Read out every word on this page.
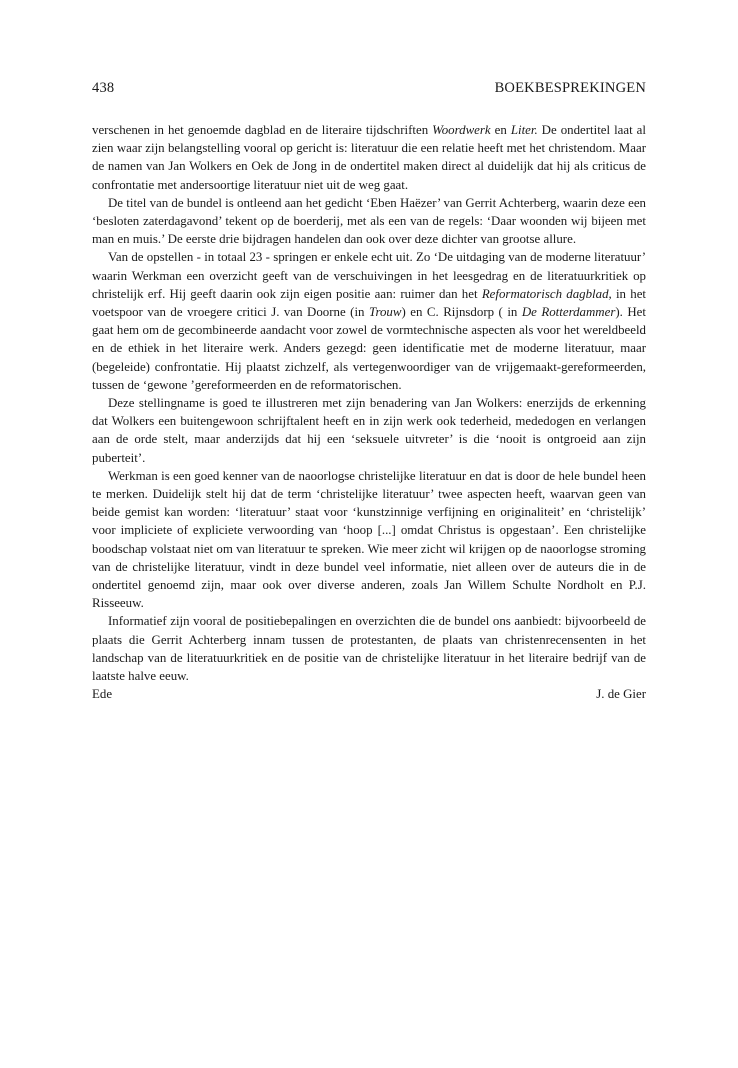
438	BOEKBESPREKINGEN

verschenen in het genoemde dagblad en de literaire tijdschriften Woordwerk en Liter. De ondertitel laat al zien waar zijn belangstelling vooral op gericht is: literatuur die een relatie heeft met het christendom. Maar de namen van Jan Wolkers en Oek de Jong in de ondertitel maken direct al duidelijk dat hij als criticus de confrontatie met andersoortige literatuur niet uit de weg gaat.

De titel van de bundel is ontleend aan het gedicht ‘Eben Haëzer’ van Gerrit Achterberg, waarin deze een ‘besloten zaterdagavond’ tekent op de boerderij, met als een van de regels: ‘Daar woonden wij bijeen met man en muis.’ De eerste drie bijdragen handelen dan ook over deze dichter van grootse allure.

Van de opstellen - in totaal 23 - springen er enkele echt uit. Zo ‘De uitdaging van de moderne literatuur’ waarin Werkman een overzicht geeft van de verschuivingen in het leesgedrag en de literatuurkritiek op christelijk erf. Hij geeft daarin ook zijn eigen positie aan: ruimer dan het Reformatorisch dagblad, in het voetspoor van de vroegere critici J. van Doorne (in Trouw) en C. Rijnsdorp ( in De Rotterdammer). Het gaat hem om de gecombineerde aandacht voor zowel de vormtechnische aspecten als voor het wereldbeeld en de ethiek in het literaire werk. Anders gezegd: geen identificatie met de moderne literatuur, maar (begeleide) confrontatie. Hij plaatst zichzelf, als vertegenwoordiger van de vrijgemaakt-gereformeerden, tussen de ‘gewone ’gereformeerden en de reformatorischen.

Deze stellingname is goed te illustreren met zijn benadering van Jan Wolkers: enerzijds de erkenning dat Wolkers een buitengewoon schrijftalent heeft en in zijn werk ook tederheid, mededogen en verlangen aan de orde stelt, maar anderzijds dat hij een ‘seksuele uitvreter’ is die ‘nooit is ontgroeid aan zijn puberteit’.

Werkman is een goed kenner van de naoorlogse christelijke literatuur en dat is door de hele bundel heen te merken. Duidelijk stelt hij dat de term ‘christelijke literatuur’ twee aspecten heeft, waarvan geen van beide gemist kan worden: ‘literatuur’ staat voor ‘kunstzinnige verfijning en originaliteit’ en ‘christelijk’ voor impliciete of expliciete verwoording van ‘hoop [...] omdat Christus is opgestaan’. Een christelijke boodschap volstaat niet om van literatuur te spreken. Wie meer zicht wil krijgen op de naoorlogse stroming van de christelijke literatuur, vindt in deze bundel veel informatie, niet alleen over de auteurs die in de ondertitel genoemd zijn, maar ook over diverse anderen, zoals Jan Willem Schulte Nordholt en P.J. Risseeuw.

Informatief zijn vooral de positiebepalingen en overzichten die de bundel ons aanbiedt: bijvoorbeeld de plaats die Gerrit Achterberg innam tussen de protestanten, de plaats van christenrecensenten in het landschap van de literatuurkritiek en de positie van de christelijke literatuur in het literaire bedrijf van de laatste halve eeuw.

Ede	J. de Gier
